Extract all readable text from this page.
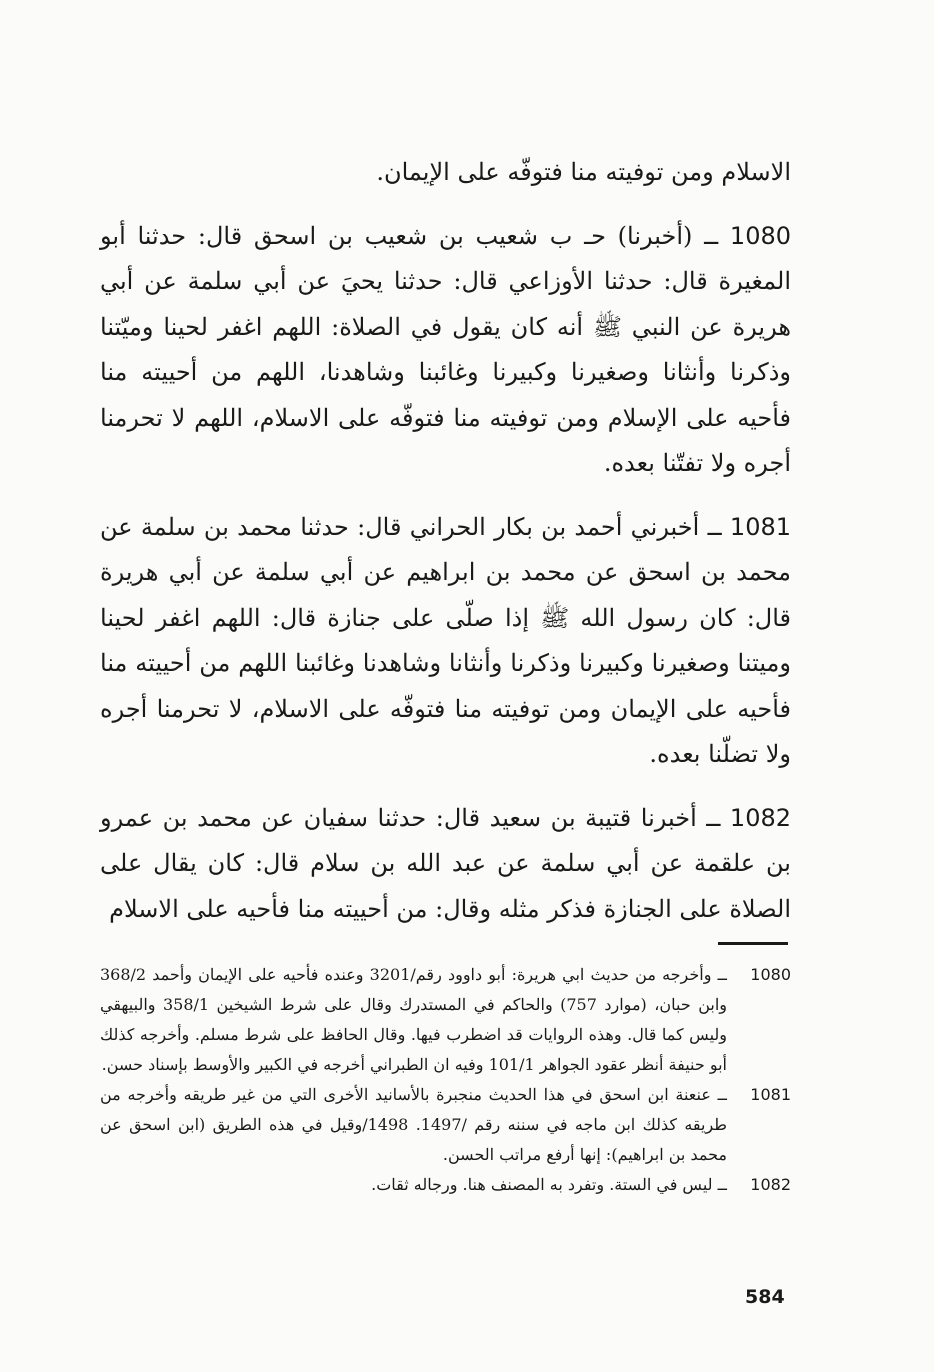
الاسلام ومن توفيته منا فتوفّه على الإيمان.

1080 ــ (أخبرنا) حـ ب شعيب بن شعيب بن اسحق قال: حدثنا أبو المغيرة قال: حدثنا الأوزاعي قال: حدثنا يحيَ عن أبي سلمة عن أبي هريرة عن النبي ﷺ أنه كان يقول في الصلاة: اللهم اغفر لحينا وميّتنا وذكرنا وأنثانا وصغيرنا وكبيرنا وغائبنا وشاهدنا، اللهم من أحييته منا فأحيه على الإسلام ومن توفيته منا فتوفّه على الاسلام، اللهم لا تحرمنا أجره ولا تفتّنا بعده.

1081 ــ أخبرني أحمد بن بكار الحراني قال: حدثنا محمد بن سلمة عن محمد بن اسحق عن محمد بن ابراهيم عن أبي سلمة عن أبي هريرة قال: كان رسول الله ﷺ إذا صلّى على جنازة قال: اللهم اغفر لحينا وميتنا وصغيرنا وكبيرنا وذكرنا وأنثانا وشاهدنا وغائبنا اللهم من أحييته منا فأحيه على الإيمان ومن توفيته منا فتوفّه على الاسلام، لا تحرمنا أجره ولا تضلّنا بعده.

1082 ــ أخبرنا قتيبة بن سعيد قال: حدثنا سفيان عن محمد بن عمرو بن علقمة عن أبي سلمة عن عبد الله بن سلام قال: كان يقال على الصلاة على الجنازة فذكر مثله وقال: من أحييته منا فأحيه على الاسلام

1080
ــ وأخرجه من حديث ابي هريرة: أبو داوود رقم/3201 وعنده فأحيه على الإيمان وأحمد 368/2 وابن حبان، (موارد 757) والحاكم في المستدرك وقال على شرط الشيخين 358/1 والبيهقي وليس كما قال. وهذه الروايات قد اضطرب فيها. وقال الحافظ على شرط مسلم. وأخرجه كذلك أبو حنيفة أنظر عقود الجواهر 101/1 وفيه ان الطبراني أخرجه في الكبير والأوسط بإسناد حسن.
1081
ــ عنعنة ابن اسحق في هذا الحديث منجبرة بالأسانيد الأخرى التي من غير طريقه وأخرجه من طريقه كذلك ابن ماجه في سننه رقم /1497. 1498/وقيل في هذه الطريق (ابن اسحق عن محمد بن ابراهيم): إنها أرفع مراتب الحسن.
1082
ــ ليس في الستة. وتفرد به المصنف هنا. ورجاله ثقات.
584
